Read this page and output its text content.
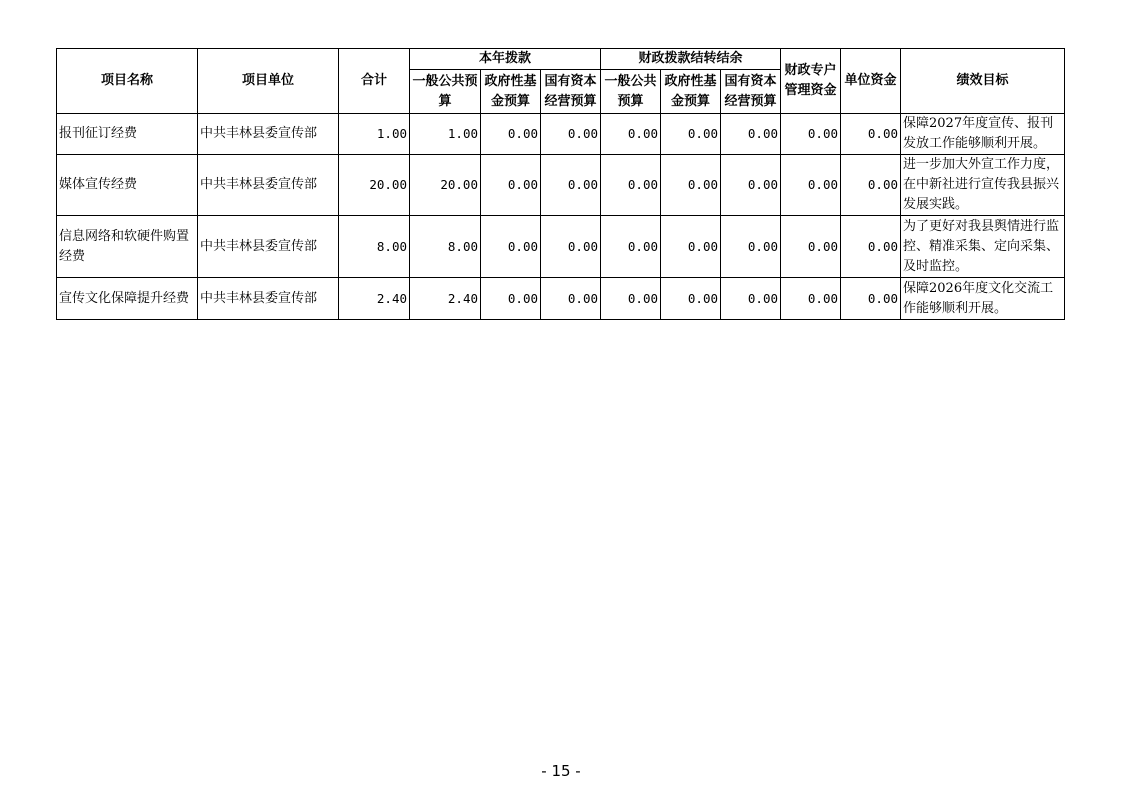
项目名称	项目单位	合计	本年拨款			财政拨款结转结余			财政专户管理资金	单位资金	绩效目标
			一般公共预算	政府性基金预算	国有资本经营预算	一般公共预算	政府性基金预算	国有资本经营预算			

报刊征订经费	中共丰林县委宣传部	1.00	1.00	0.00	0.00	0.00	0.00	0.00	0.00	0.00	保障2027年度宣传、报刊发放工作能够顺利开展。
媒体宣传经费	中共丰林县委宣传部	20.00	20.00	0.00	0.00	0.00	0.00	0.00	0.00	0.00	进一步加大外宣工作力度，在中新社进行宣传我县振兴发展实践。
信息网络和软硬件购置经费	中共丰林县委宣传部	8.00	8.00	0.00	0.00	0.00	0.00	0.00	0.00	0.00	为了更好对我县舆情进行监控、精准采集、定向采集、及时监控。
宣传文化保障提升经费	中共丰林县委宣传部	2.40	2.40	0.00	0.00	0.00	0.00	0.00	0.00	0.00	保障2026年度文化交流工作能够顺利开展。
- 15 -
